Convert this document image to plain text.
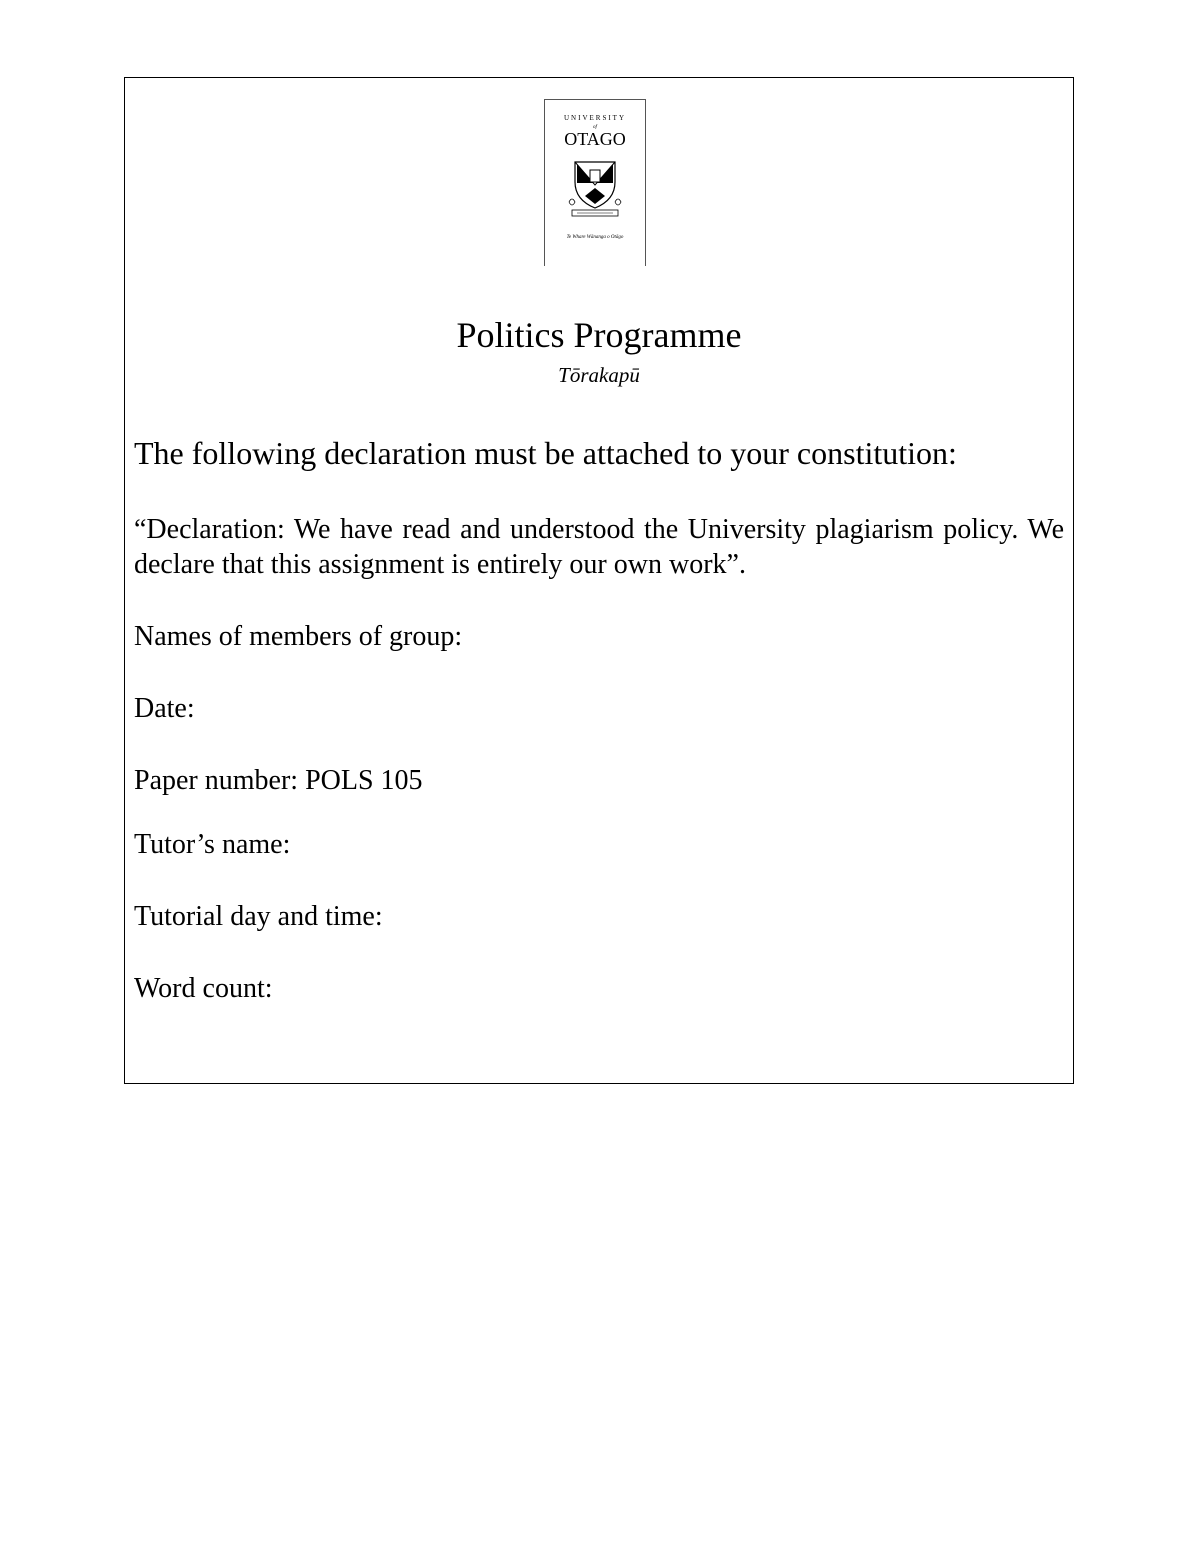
UNIVERSITY
of
OTAGO
Te Whare Wānanga o Otāgo
Politics Programme
Tōrakapū
The following declaration must be attached to your constitution:
“Declaration: We have read and understood the University plagiarism policy. We declare that this assignment is entirely our own work”.
Names of members of group:
Date:
Paper number: POLS 105
Tutor’s name:
Tutorial day and time:
Word count:
